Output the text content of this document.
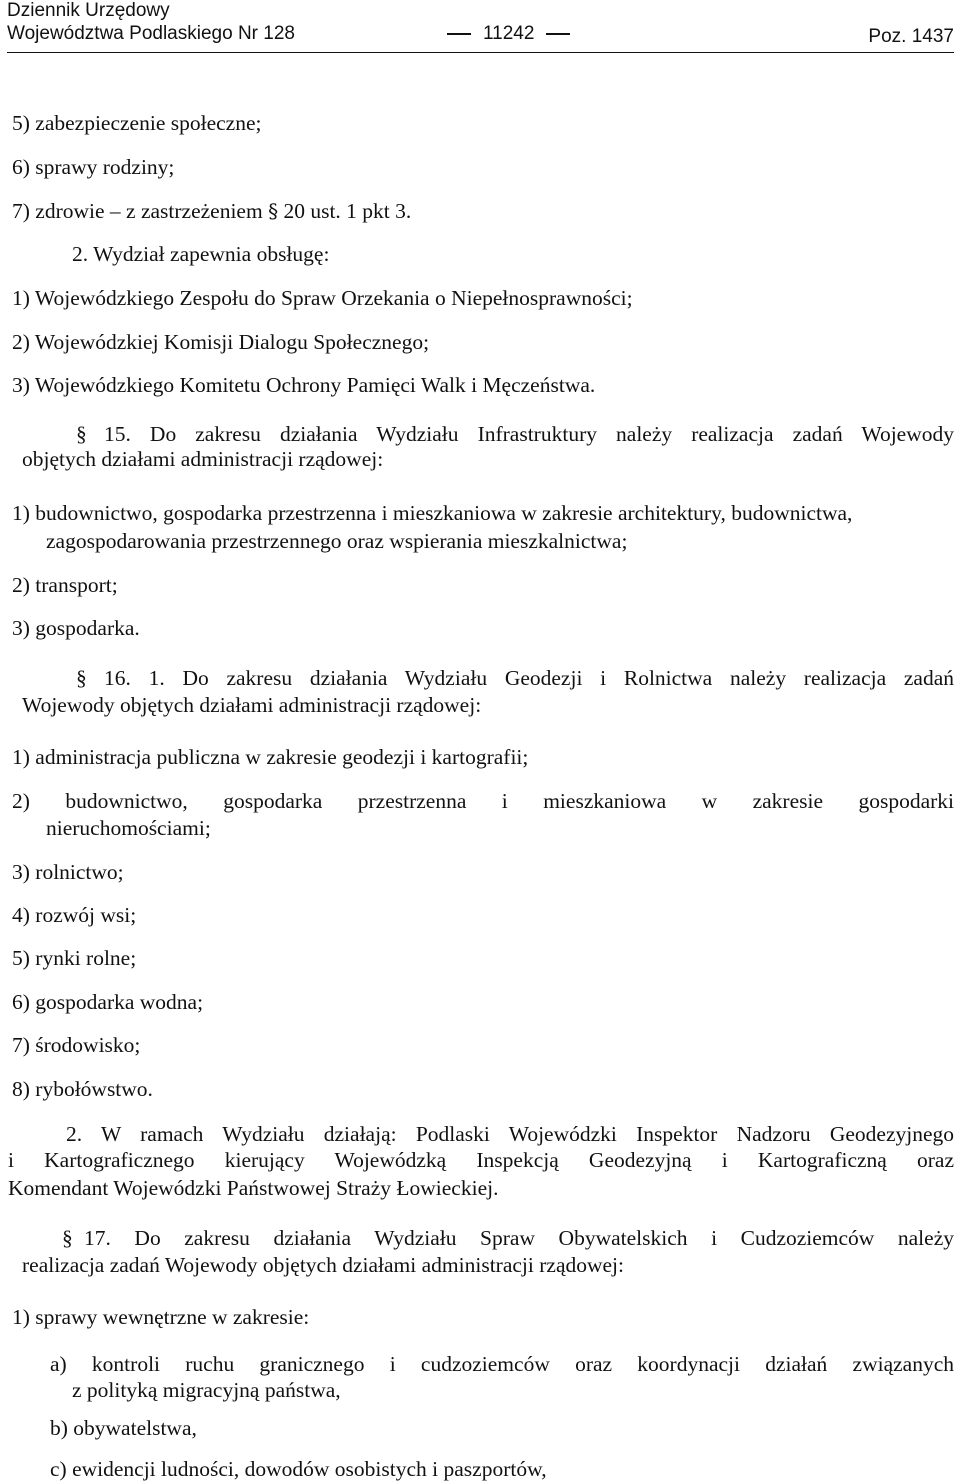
Dziennik Urzędowy
Województwa Podlaskiego Nr 128	11242	Poz. 1437
5) zabezpieczenie społeczne;
6) sprawy rodziny;
7) zdrowie – z zastrzeżeniem § 20 ust. 1 pkt 3.
2. Wydział zapewnia obsługę:
1) Wojewódzkiego Zespołu do Spraw Orzekania o Niepełnosprawności;
2) Wojewódzkiej Komisji Dialogu Społecznego;
3) Wojewódzkiego Komitetu Ochrony Pamięci Walk i Męczeństwa.
§ 15. Do zakresu działania Wydziału Infrastruktury należy realizacja zadań Wojewody
objętych działami administracji rządowej:
1) budownictwo, gospodarka przestrzenna i mieszkaniowa w zakresie architektury, budownictwa,
zagospodarowania przestrzennego oraz wspierania mieszkalnictwa;
2) transport;
3) gospodarka.
§ 16. 1. Do zakresu działania Wydziału Geodezji i Rolnictwa należy realizacja zadań
Wojewody objętych działami administracji rządowej:
1) administracja publiczna w zakresie geodezji i kartografii;
2) budownictwo, gospodarka przestrzenna i mieszkaniowa w zakresie gospodarki
nieruchomościami;
3) rolnictwo;
4) rozwój wsi;
5) rynki rolne;
6) gospodarka wodna;
7) środowisko;
8) rybołówstwo.
2. W ramach Wydziału działają: Podlaski Wojewódzki Inspektor Nadzoru Geodezyjnego
i Kartograficznego kierujący Wojewódzką Inspekcją Geodezyjną i Kartograficzną oraz
Komendant Wojewódzki Państwowej Straży Łowieckiej.
§ 17. Do zakresu działania Wydziału Spraw Obywatelskich i Cudzoziemców należy
realizacja zadań Wojewody objętych działami administracji rządowej:
1) sprawy wewnętrzne w zakresie:
a) kontroli ruchu granicznego i cudzoziemców oraz koordynacji działań związanych
z polityką migracyjną państwa,
b) obywatelstwa,
c) ewidencji ludności, dowodów osobistych i paszportów,
